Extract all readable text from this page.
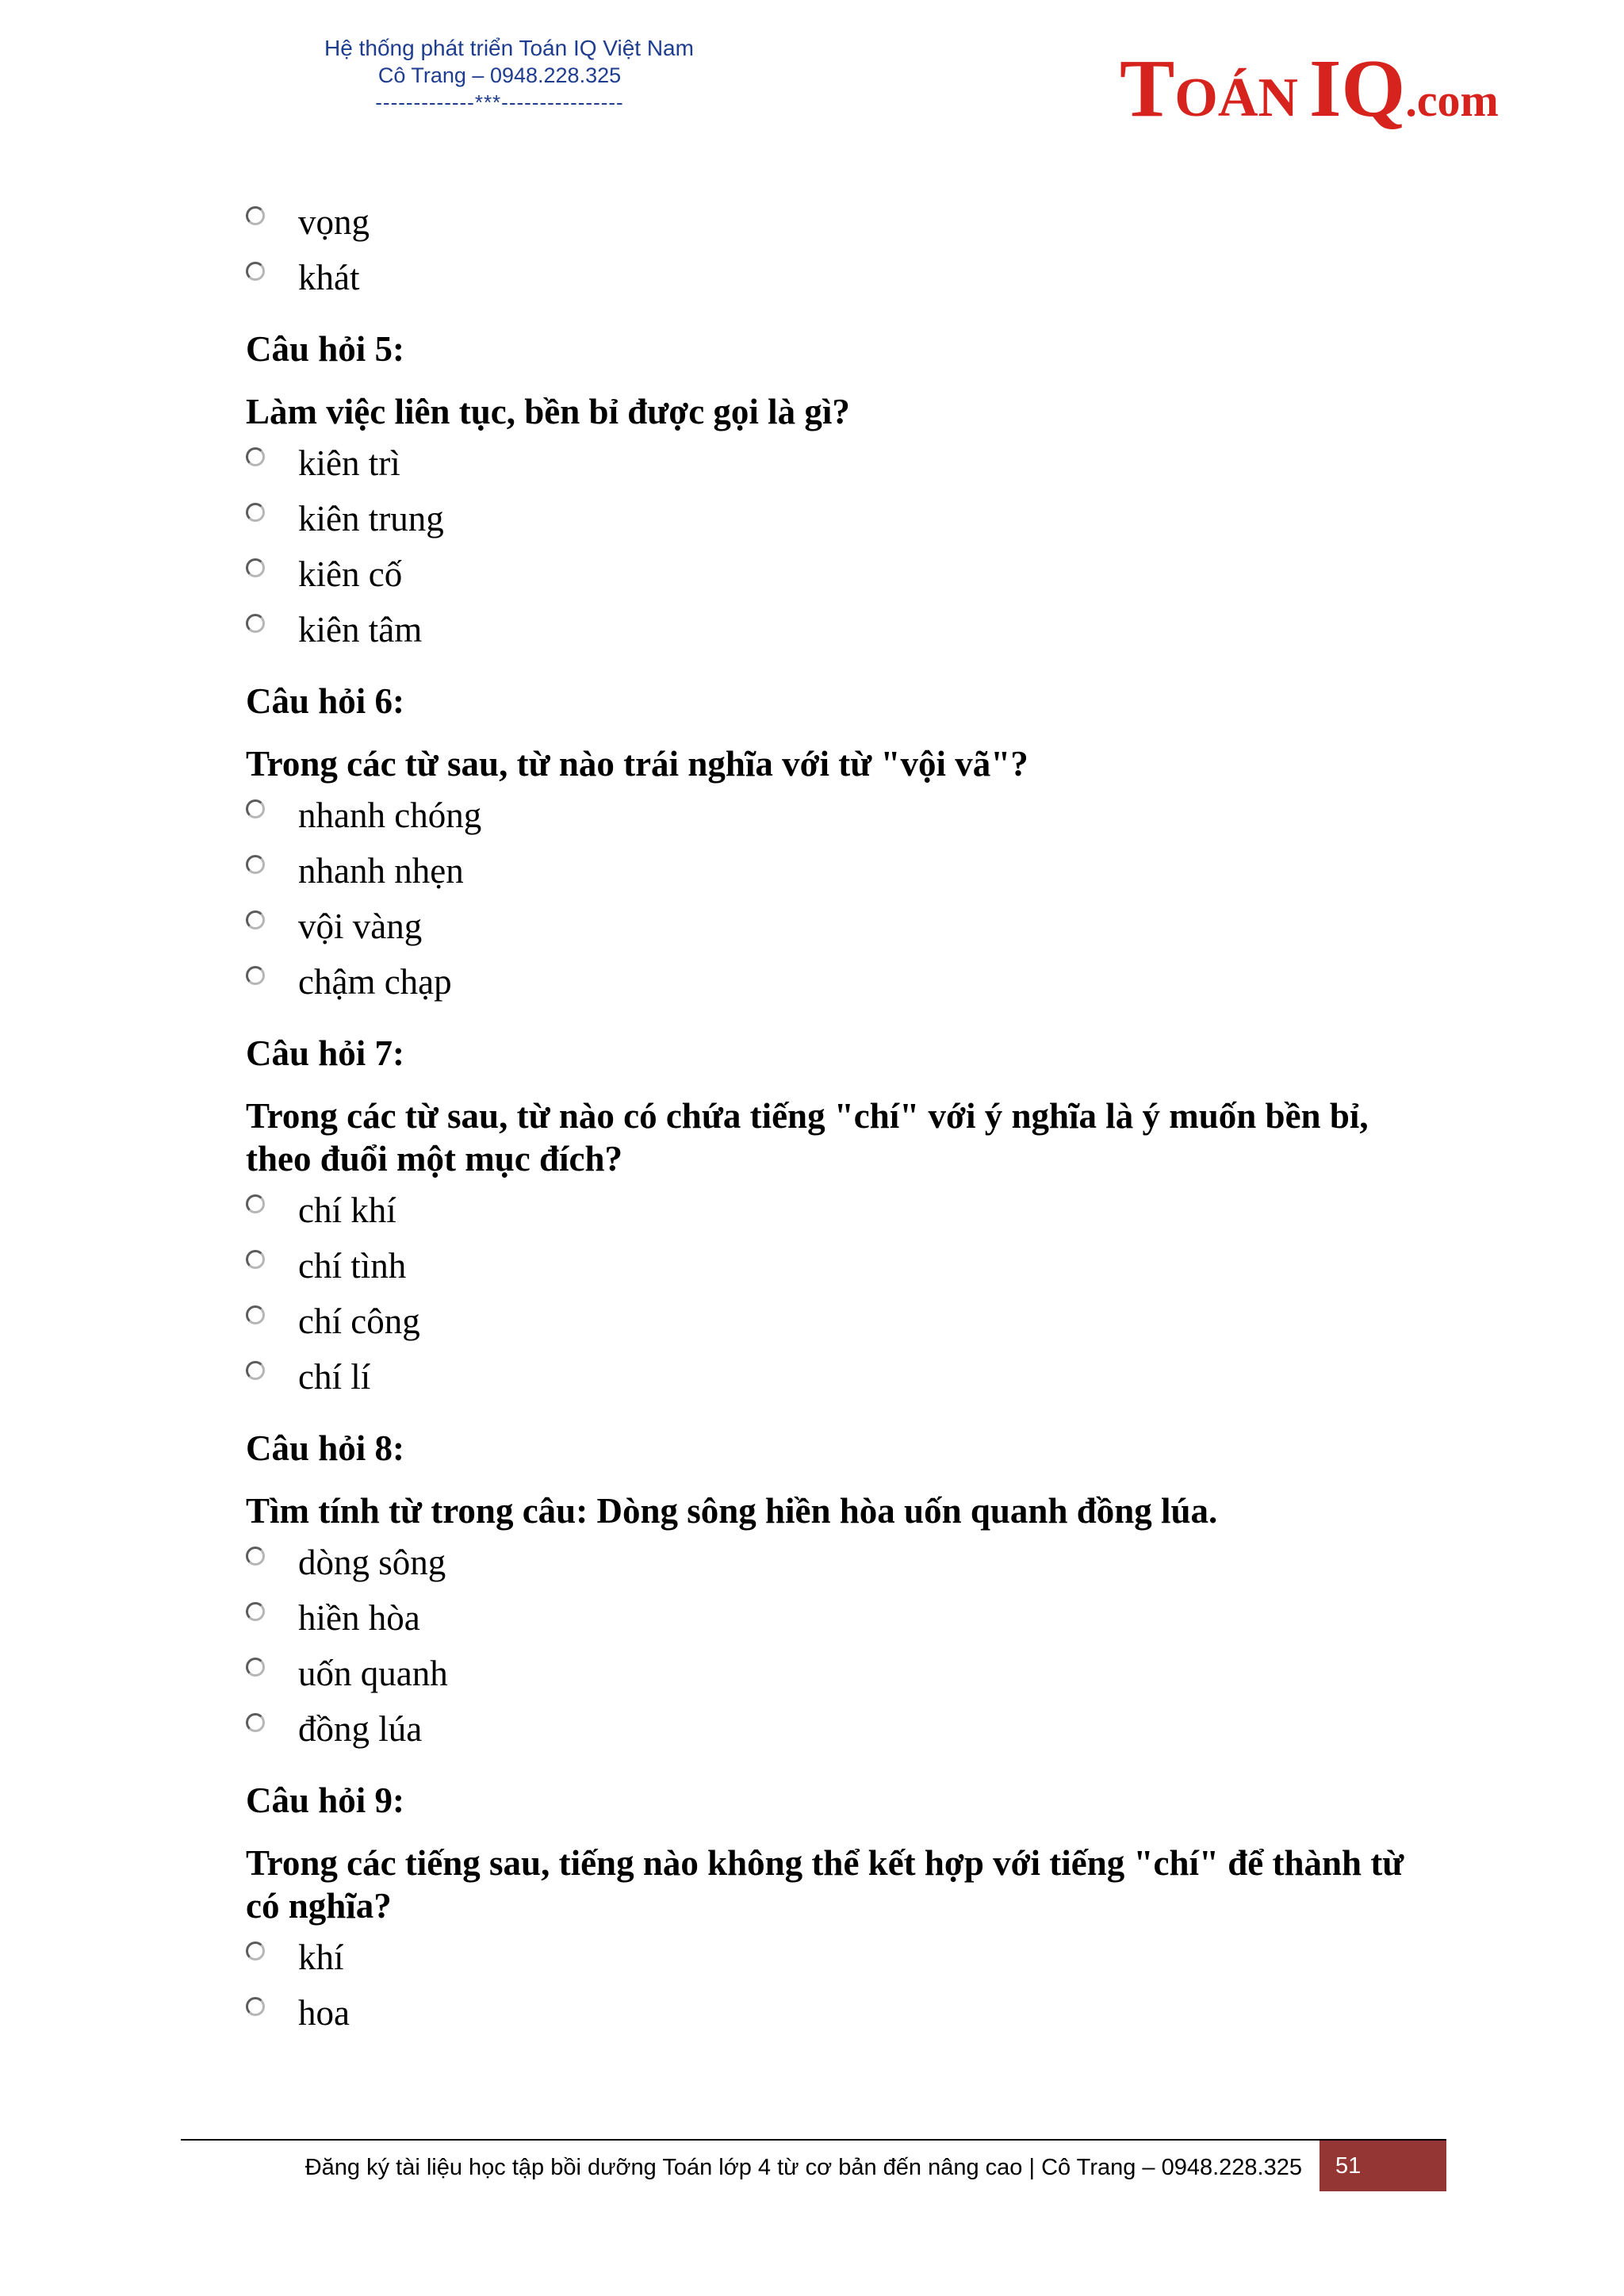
Hệ thống phát triển Toán IQ Việt Nam
Cô Trang – 0948.228.325
-------------***----------------	TOÁN IQ.com
vọng
khát
Câu hỏi 5:
Làm việc liên tục, bền bỉ được gọi là gì?
kiên trì
kiên trung
kiên cố
kiên tâm
Câu hỏi 6:
Trong các từ sau, từ nào trái nghĩa với từ "vội vã"?
nhanh chóng
nhanh nhẹn
vội vàng
chậm chạp
Câu hỏi 7:
Trong các từ sau, từ nào có chứa tiếng "chí" với ý nghĩa là ý muốn bền bỉ, theo đuổi một mục đích?
chí khí
chí tình
chí công
chí lí
Câu hỏi 8:
Tìm tính từ trong câu: Dòng sông hiền hòa uốn quanh đồng lúa.
dòng sông
hiền hòa
uốn quanh
đồng lúa
Câu hỏi 9:
Trong các tiếng sau, tiếng nào không thể kết hợp với tiếng "chí" để thành từ có nghĩa?
khí
hoa
Đăng ký tài liệu học tập bồi dưỡng Toán lớp 4 từ cơ bản đến nâng cao | Cô Trang – 0948.228.325	51
